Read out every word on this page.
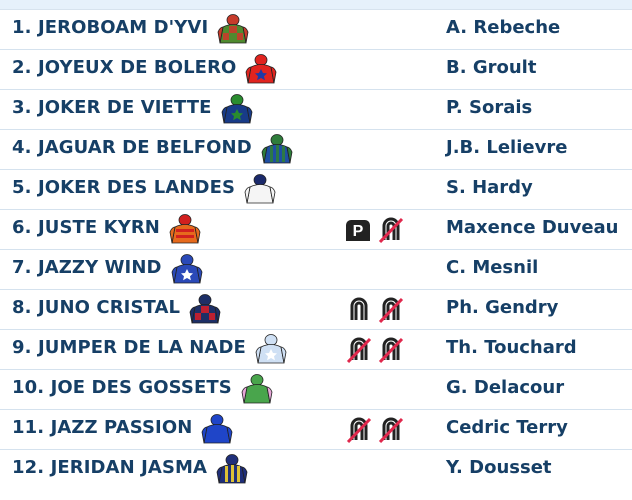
1. JEROBOAM D'YVI	A. Rebeche
2. JOYEUX DE BOLERO	B. Groult
3. JOKER DE VIETTE	P. Sorais
4. JAGUAR DE BELFOND	J.B. Lelievre
5. JOKER DES LANDES	S. Hardy
6. JUSTE KYRN	P	Maxence Duveau
7. JAZZY WIND	C. Mesnil
8. JUNO CRISTAL	Ph. Gendry
9. JUMPER DE LA NADE	Th. Touchard
10. JOE DES GOSSETS	G. Delacour
11. JAZZ PASSION	Cedric Terry
12. JERIDAN JASMA	Y. Dousset
